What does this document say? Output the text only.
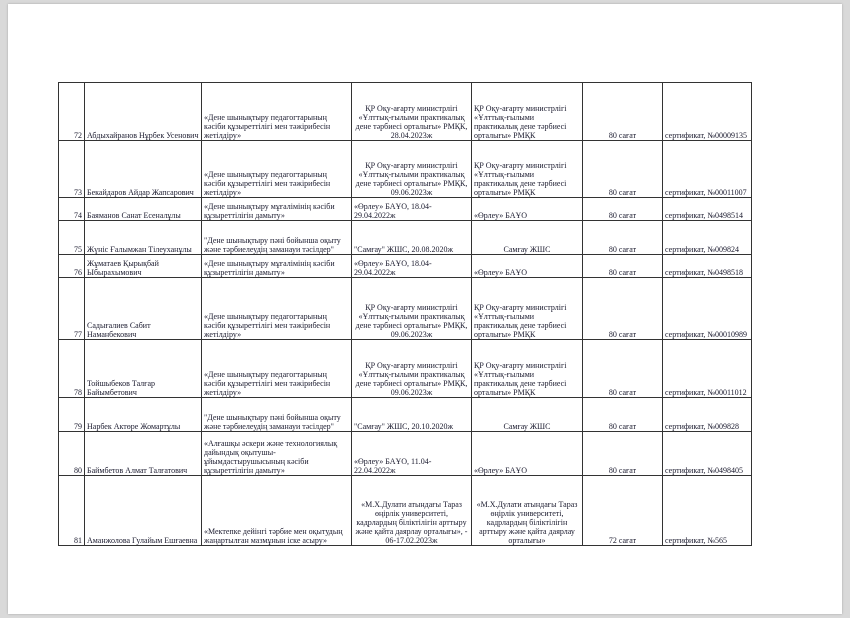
72	Абдыхайранов Нұрбек Усенович	«Дене шынықтыру педагогтарының кәсіби құзыреттілігі мен тәжірибесін жетілдіру»	ҚР Оқу-ағарту министрлігі «Ұлттық-ғылыми практикалық дене тәрбиесі орталығы» РМҚК, 28.04.2023ж	ҚР Оқу-ағарту министрлігі «Ұлттық-ғылыми практикалық дене тәрбиесі орталығы» РМҚК	80 сағат	сертификат, №00009135
73	Бекайдаров Айдар Жапсарович	«Дене шынықтыру педагогтарының кәсіби құзыреттілігі мен тәжірибесін жетілдіру»	ҚР Оқу-ағарту министрлігі «Ұлттық-ғылыми практикалық дене тәрбиесі орталығы» РМҚК, 09.06.2023ж	ҚР Оқу-ағарту министрлігі «Ұлттық-ғылыми практикалық дене тәрбиесі орталығы» РМҚК	80 сағат	сертификат, №00011007
74	Баяманов Санат Есеналұлы	«Дене шынықтыру мұғалімінің кәсіби құзыреттілігін дамыту»	«Өрлеу» БАҰО, 18.04-29.04.2022ж	«Өрлеу» БАҰО	80 сағат	сертификат, №0498514
75	Жүніс Ғалымжан Тілеуханұлы	"Дене шынықтыру пәні бойынша оқыту және тәрбиелеудің заманауи тәсілдер"	"Самғау" ЖШС, 20.08.2020ж	Самғау ЖШС	80 сағат	сертификат, №009824
76	Жұматаев Қырықбай Ыбырахымович	«Дене шынықтыру мұғалімінің кәсіби құзыреттілігін дамыту»	«Өрлеу» БАҰО, 18.04-29.04.2022ж	«Өрлеу» БАҰО	80 сағат	сертификат, №0498518
77	Садығалиев Сабит Наманбекович	«Дене шынықтыру педагогтарының кәсіби құзыреттілігі мен тәжірибесін жетілдіру»	ҚР Оқу-ағарту министрлігі «Ұлттық-ғылыми практикалық дене тәрбиесі орталығы» РМҚК, 09.06.2023ж	ҚР Оқу-ағарту министрлігі «Ұлттық-ғылыми практикалық дене тәрбиесі орталығы» РМҚК	80 сағат	сертификат, №00010989
78	Тойшыбеков Талғар Байымбетович	«Дене шынықтыру педагогтарының кәсіби құзыреттілігі мен тәжірибесін жетілдіру»	ҚР Оқу-ағарту министрлігі «Ұлттық-ғылыми практикалық дене тәрбиесі орталығы» РМҚК, 09.06.2023ж	ҚР Оқу-ағарту министрлігі «Ұлттық-ғылыми практикалық дене тәрбиесі орталығы» РМҚК	80 сағат	сертификат, №00011012
79	Нарбек Актөре Жомартұлы	"Дене шынықтыру пәні бойынша оқыту және тәрбиелеудің заманауи тәсілдер"	"Самғау" ЖШС, 20.10.2020ж	Самғау ЖШС	80 сағат	сертификат, №009828
80	Баймбетов Алмат Талғатович	«Алғашқы әскери және технологиялық дайындық оқытушы-ұйымдастырушысының кәсіби құзыреттілігін дамыту»	«Өрлеу» БАҰО, 11.04-22.04.2022ж	«Өрлеу» БАҰО	80 сағат	сертификат, №0498405
81	Аманжолова Гулайым Ешғаевна	«Мектепке дейінгі тәрбие мен оқытудың жаңартылған мазмұнын іске асыру»	«М.Х.Дулати атындағы Тараз өңірлік университеті, кадрлардың біліктілігін арттыру және қайта даярлау орталығы», - 06-17.02.2023ж	«М.Х.Дулати атындағы Тараз өңірлік университеті, кадрлардың біліктілігін арттыру және қайта даярлау орталығы»	72 сағат	сертификат, №565
